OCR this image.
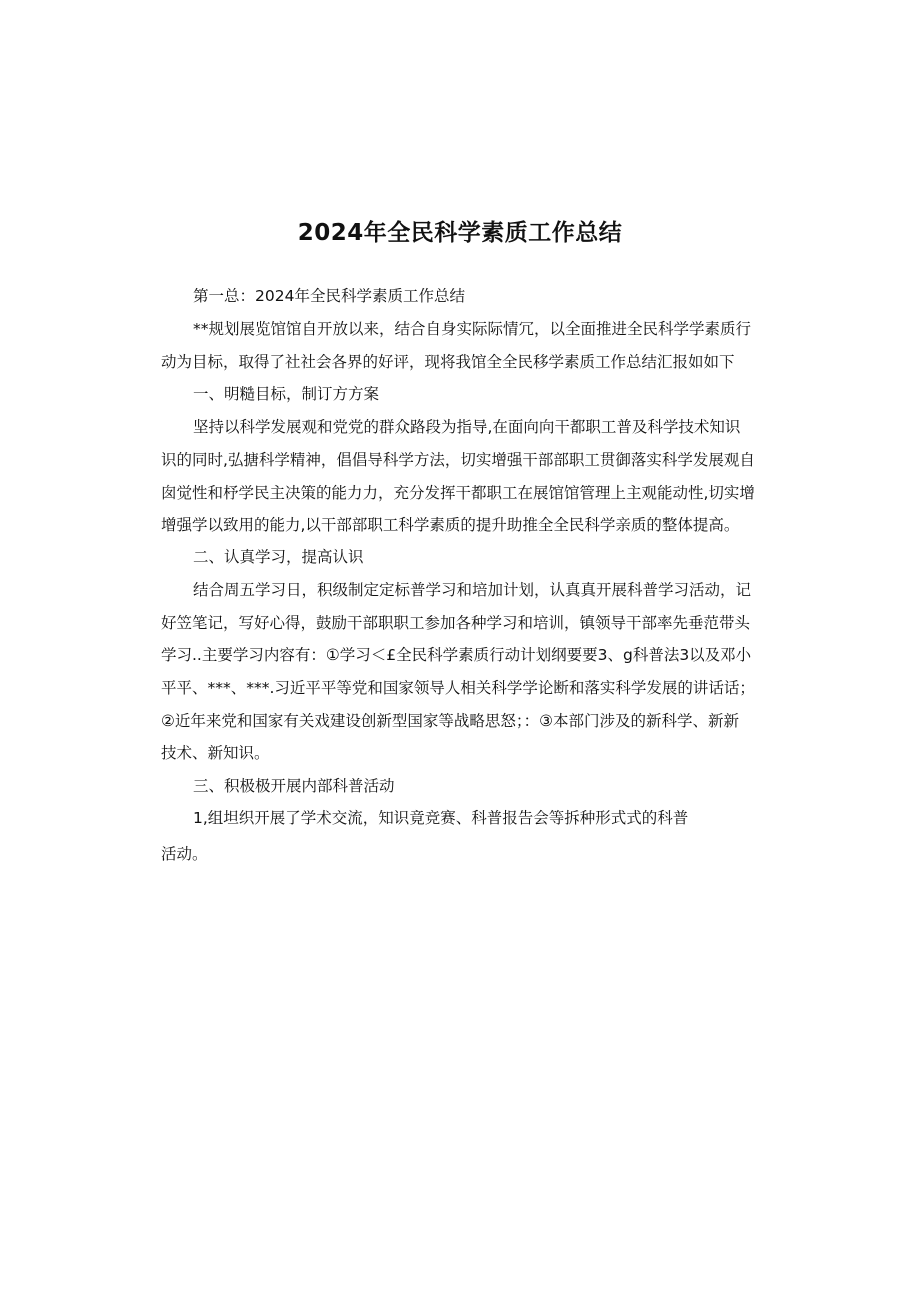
2024年全民科学素质工作总结
第一总：2024年全民科学素质工作总结
**规划展览馆馆自开放以来，结合自身实际际情冗，以全面推进全民科学学素质行
动为目标，取得了社社会各界的好评，现将我馆全全民移学素质工作总结汇报如如下
一、明糙目标，制订方方案
坚持以科学发展观和党党的群众路段为指导,在面向向干都职工普及科学技术知识
识的同时,弘搪科学精神，倡倡导科学方法，切实增强干部部职工贯御落实科学发展观自
囱觉性和杼学民主决策的能力力，充分发挥干都职工在展馆馆管理上主观能动性,切实增
增强学以致用的能力,以干部部职工科学素质的提升助推全全民科学亲质的整体提高。
二、认真学习，提高认识
结合周五学习日，积级制定定标普学习和培加计划，认真真开展科普学习活动，记
好笠笔记，写好心得，鼓励干部职职工参加各种学习和培训，镇领导干部率先垂范带头
学习..主要学习内容有：①学习＜£全民科学素质行动计划纲要要3、g科普法3以及邓小
平平、***、***.习近平平等党和国家领导人相关科学学论断和落实科学发展的讲话话；
②近年来党和国家有关戏建设创新型国家等战略思怒；：③本部门涉及的新科学、新新
技术、新知识。
三、积极极开展内部科普活动
1,组坦织开展了学术交流，知识竟竞赛、科普报告会等拆种形式式的科普
活动。
